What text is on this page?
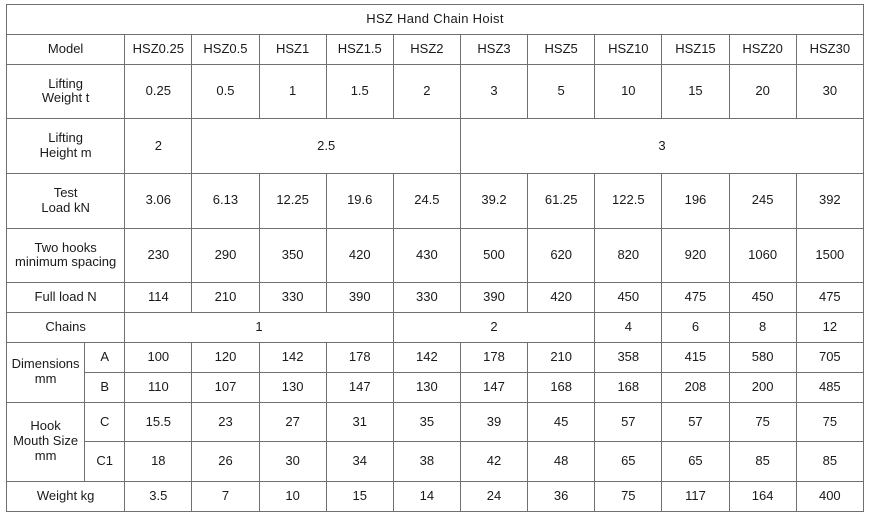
HSZ Hand Chain Hoist												
Model		HSZ0.25	HSZ0.5	HSZ1	HSZ1.5	HSZ2	HSZ3	HSZ5	HSZ10	HSZ15	HSZ20	HSZ30
Lifting
Weight t		0.25	0.5	1	1.5	2	3	5	10	15	20	30
Lifting
Height m		2	2.5				3					
Test
Load kN		3.06	6.13	12.25	19.6	24.5	39.2	61.25	122.5	196	245	392
Two hooks
minimum spacing		230	290	350	420	430	500	620	820	920	1060	1500
Full load N		114	210	330	390	330	390	420	450	475	450	475
Chains		1				2			4	6	8	12
Dimensions
mm	A	100	120	142	178	142	178	210	358	415	580	705
	B	110	107	130	147	130	147	168	168	208	200	485
Hook
Mouth Size
mm	C	15.5	23	27	31	35	39	45	57	57	75	75
	C1	18	26	30	34	38	42	48	65	65	85	85
Weight kg		3.5	7	10	15	14	24	36	75	117	164	400
